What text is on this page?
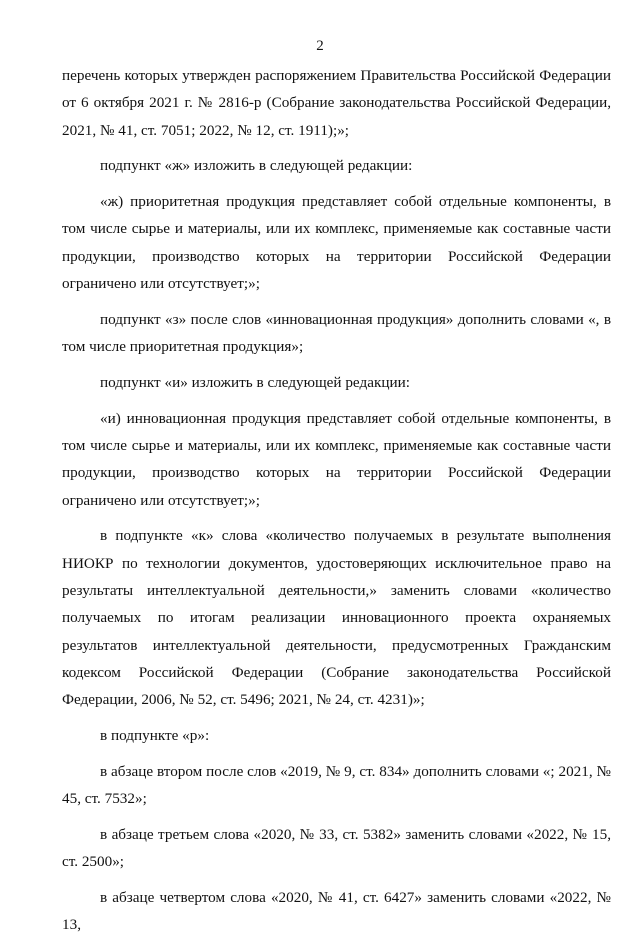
2

перечень которых утвержден распоряжением Правительства Российской Федерации от 6 октября 2021 г. № 2816-р (Собрание законодательства Российской Федерации, 2021, № 41, ст. 7051; 2022, № 12, ст. 1911);»;

подпункт «ж» изложить в следующей редакции:

«ж) приоритетная продукция представляет собой отдельные компоненты, в том числе сырье и материалы, или их комплекс, применяемые как составные части продукции, производство которых на территории Российской Федерации ограничено или отсутствует;»;

подпункт «з» после слов «инновационная продукция» дополнить словами «, в том числе приоритетная продукция»;

подпункт «и» изложить в следующей редакции:

«и) инновационная продукция представляет собой отдельные компоненты, в том числе сырье и материалы, или их комплекс, применяемые как составные части продукции, производство которых на территории Российской Федерации ограничено или отсутствует;»;

в подпункте «к» слова «количество получаемых в результате выполнения НИОКР по технологии документов, удостоверяющих исключительное право на результаты интеллектуальной деятельности,» заменить словами «количество получаемых по итогам реализации инновационного проекта охраняемых результатов интеллектуальной деятельности, предусмотренных Гражданским кодексом Российской Федерации (Собрание законодательства Российской Федерации, 2006, № 52, ст. 5496; 2021, № 24, ст. 4231)»;

в подпункте «р»:

в абзаце втором после слов «2019, № 9, ст. 834» дополнить словами «; 2021, № 45, ст. 7532»;

в абзаце третьем слова «2020, № 33, ст. 5382» заменить словами «2022, № 15, ст. 2500»;

в абзаце четвертом слова «2020, № 41, ст. 6427» заменить словами «2022, № 13,
